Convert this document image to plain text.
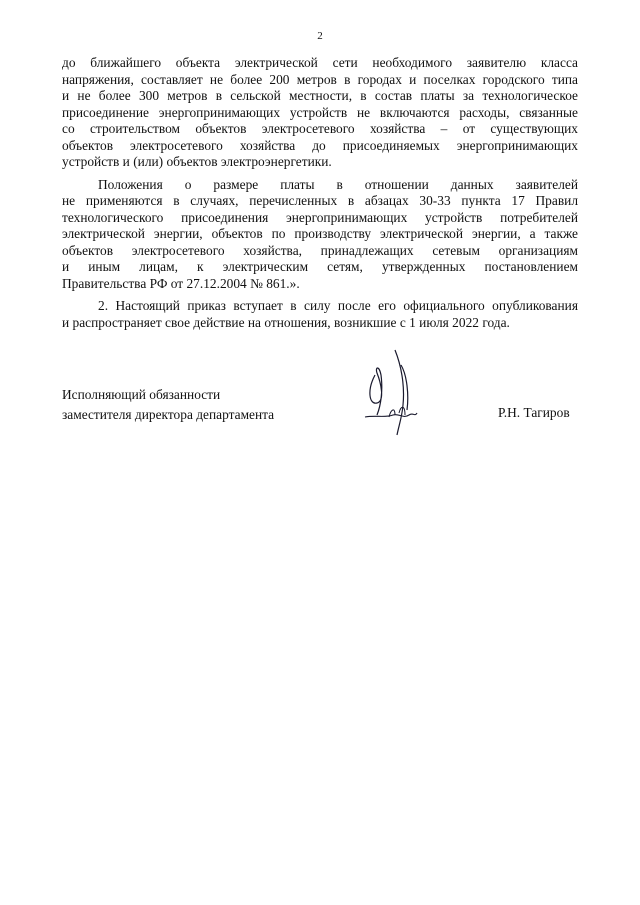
2

до ближайшего объекта электрической сети необходимого заявителю класса
напряжения, составляет не более 200 метров в городах и поселках городского типа
и не более 300 метров в сельской местности, в состав платы за технологическое
присоединение энергопринимающих устройств не включаются расходы, связанные
со строительством объектов электросетевого хозяйства – от существующих
объектов электросетевого хозяйства до присоединяемых энергопринимающих
устройств и (или) объектов электроэнергетики.

Положения о размере платы в отношении данных заявителей
не применяются в случаях, перечисленных в абзацах 30-33 пункта 17 Правил
технологического присоединения энергопринимающих устройств потребителей
электрической энергии, объектов по производству электрической энергии, а также
объектов электросетевого хозяйства, принадлежащих сетевым организациям
и иным лицам, к электрическим сетям, утвержденных постановлением
Правительства РФ от 27.12.2004 № 861.».

2. Настоящий приказ вступает в силу после его официального опубликования
и распространяет свое действие на отношения, возникшие с 1 июля 2022 года.

Исполняющий обязанности
заместителя директора департамента	Р.Н. Тагиров
